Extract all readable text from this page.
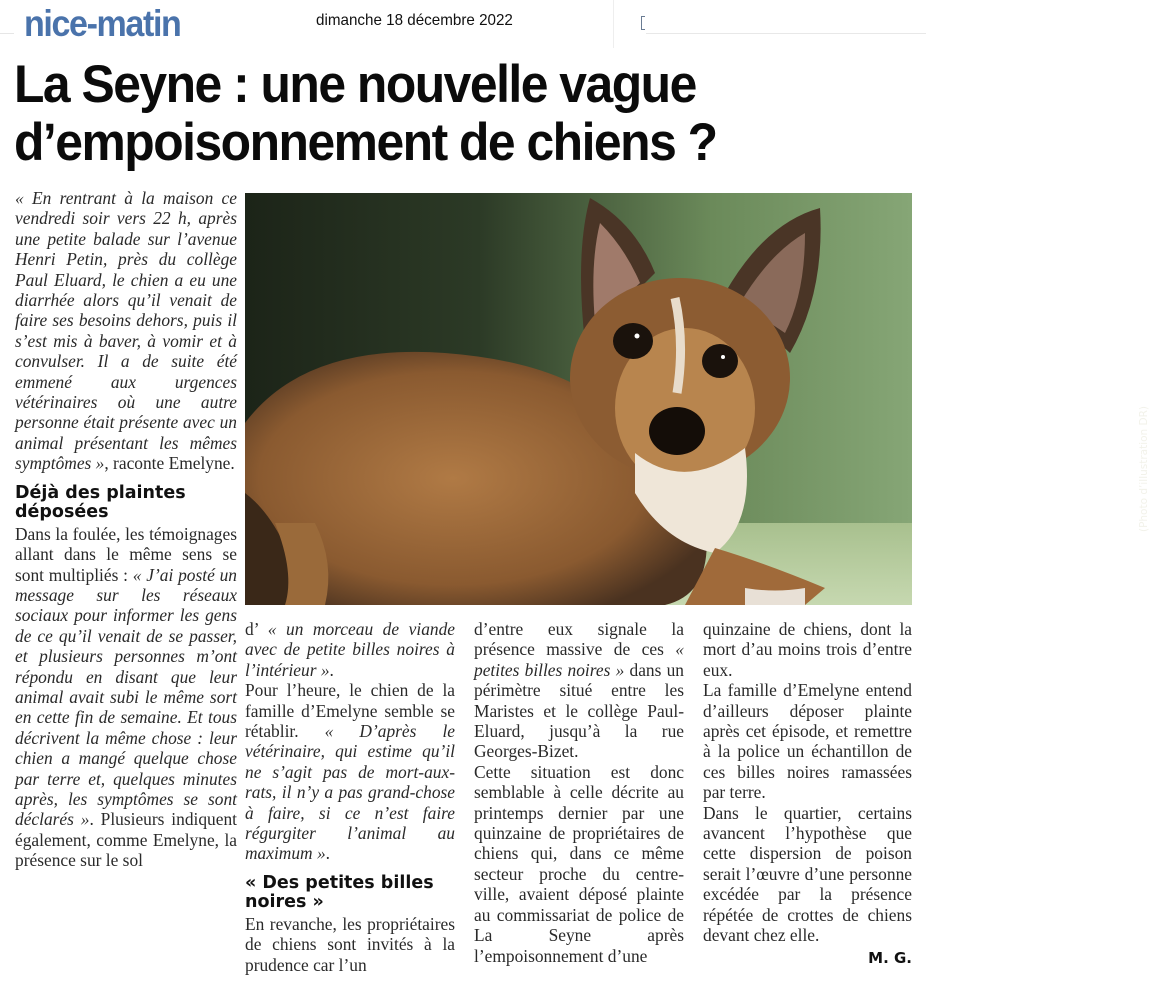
nice-matin	dimanche 18 décembre 2022
La Seyne : une nouvelle vague d’empoisonnement de chiens ?

« En rentrant à la maison ce vendredi soir vers 22 h, après une petite balade sur l’avenue Henri Petin, près du collège Paul Eluard, le chien a eu une diarrhée alors qu’il venait de faire ses besoins dehors, puis il s’est mis à baver, à vomir et à convulser. Il a de suite été emmené aux urgences vétérinaires où une autre personne était présente avec un animal présentant les mêmes symptômes », raconte Emelyne.

Déjà des plaintes déposées

Dans la foulée, les témoignages allant dans le même sens se sont multipliés : « J’ai posté un message sur les réseaux sociaux pour informer les gens de ce qu’il venait de se passer, et plusieurs personnes m’ont répondu en disant que leur animal avait subi le même sort en cette fin de semaine. Et tous décrivent la même chose : leur chien a mangé quelque chose par terre et, quelques minutes après, les symptômes se sont déclarés ». Plusieurs indiquent également, comme Emelyne, la présence sur le sol

(Photo d’illustration DR)

d’ « un morceau de viande avec de petite billes noires à l’intérieur ».

Pour l’heure, le chien de la famille d’Emelyne semble se rétablir. « D’après le vétérinaire, qui estime qu’il ne s’agit pas de mort-aux-rats, il n’y a pas grand-chose à faire, si ce n’est faire régurgiter l’animal au maximum ».

« Des petites billes noires »

En revanche, les propriétaires de chiens sont invités à la prudence car l’un

d’entre eux signale la présence massive de ces « petites billes noires » dans un périmètre situé entre les Maristes et le collège Paul-Eluard, jusqu’à la rue Georges-Bizet.

Cette situation est donc semblable à celle décrite au printemps dernier par une quinzaine de propriétaires de chiens qui, dans ce même secteur proche du centre-ville, avaient déposé plainte au commissariat de police de La Seyne après l’empoisonnement d’une

quinzaine de chiens, dont la mort d’au moins trois d’entre eux.

La famille d’Emelyne entend d’ailleurs déposer plainte après cet épisode, et remettre à la police un échantillon de ces billes noires ramassées par terre.

Dans le quartier, certains avancent l’hypothèse que cette dispersion de poison serait l’œuvre d’une personne excédée par la présence répétée de crottes de chiens devant chez elle.

M. G.
